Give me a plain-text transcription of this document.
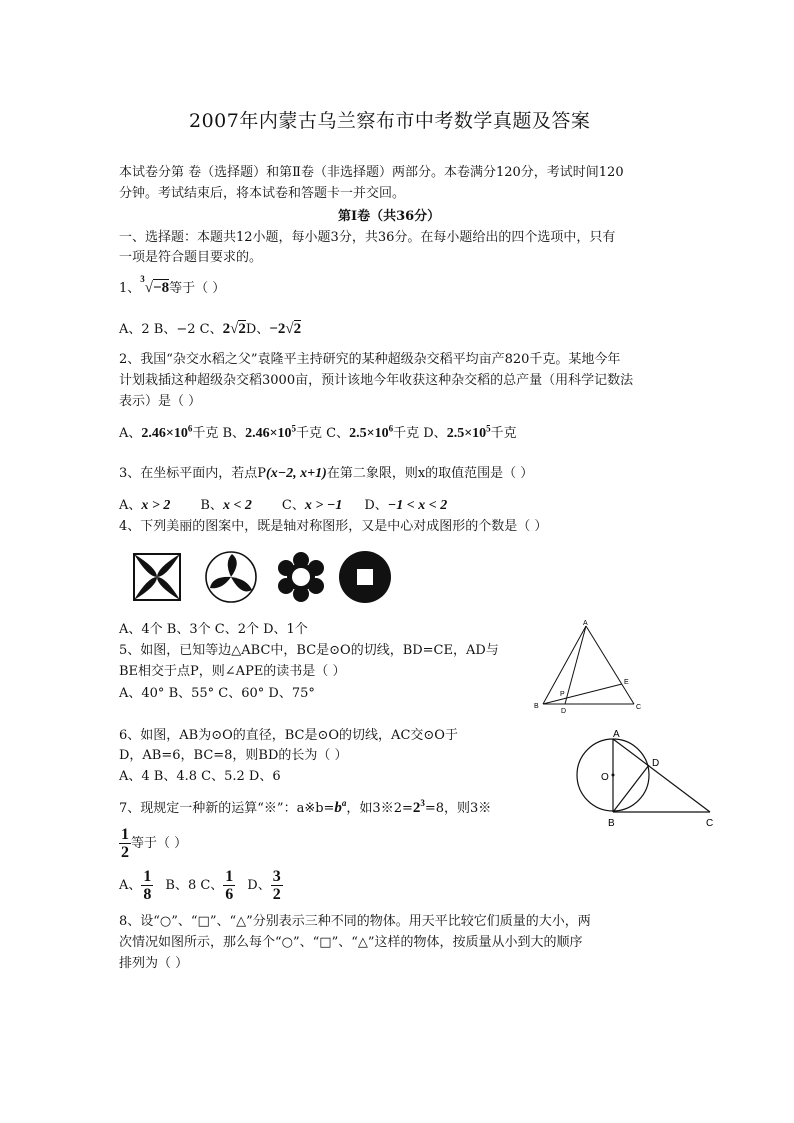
2007年内蒙古乌兰察布市中考数学真题及答案
本试卷分第 卷（选择题）和第Ⅱ卷（非选择题）两部分。本卷满分120分，考试时间120
分钟。考试结束后，将本试卷和答题卡一并交回。
第Ⅰ卷（共36分）
一、选择题：本题共12小题，每小题3分，共36分。在每小题给出的四个选项中，只有
一项是符合题目要求的。
1、$^3$√−8等于（ ）
A、2 B、−2 C、2√2D、−2√2
2、我国“杂交水稻之父”袁隆平主持研究的某种超级杂交稻平均亩产820千克。某地今年
计划栽插这种超级杂交稻3000亩，预计该地今年收获这种杂交稻的总产量（用科学记数法
表示）是（ ）
A、$2.46\times 10^6$千克 B、$2.46\times 10^5$千克 C、$2.5\times 10^6$千克 D、$2.5\times 10^5$千克
3、在坐标平面内，若点P(x−2, x+1)在第二象限，则x的取值范围是（ ）
A、x > 2 B、x < 2 C、x > −1 D、−1 < x < 2
4、下列美丽的图案中，既是轴对称图形，又是中心对成图形的个数是（ ）
A、4个 B、3个 C、2个 D、1个
5、如图，已知等边△ABC中，BC是⊙O的切线，BD=CE，AD与
BE相交于点P，则∠APE的读书是（ ）
A、40° B、55° C、60° D、75°
A
B	C
D
E
P
6、如图，AB为⊙O的直径，BC是⊙O的切线，AC交⊙O于
D，AB=6，BC=8，则BD的长为（ ）
A、4 B、4.8 C、5.2 D、6
A
B	C
D
O
7、现规定一种新的运算“※”：$a※b=b^a$，如$3※2=2^3=8$，则3※
$\frac{1}{2}$ 等于（ ）
A、 $\frac{1}{8}$ B、8 C、 $\frac{1}{6}$ D、 $\frac{3}{2}$
8、设“○”、“□”、“△”分别表示三种不同的物体。用天平比较它们质量的大小，两
次情况如图所示，那么每个“○”、“□”、“△”这样的物体，按质量从小到大的顺序
排列为（ ）
